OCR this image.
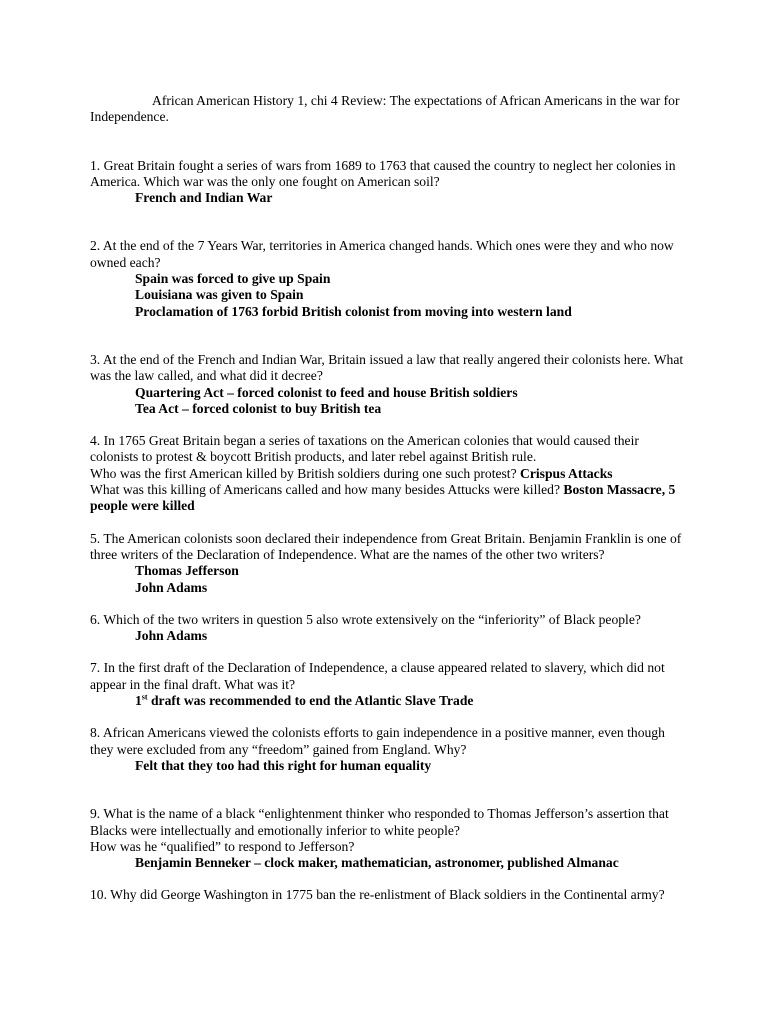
African American History 1, chi 4 Review: The expectations of African Americans in the war for Independence.

1. Great Britain fought a series of wars from 1689 to 1763 that caused the country to neglect her colonies in America. Which war was the only one fought on American soil?

French and Indian War

2. At the end of the 7 Years War, territories in America changed hands. Which ones were they and who now owned each?

Spain was forced to give up Spain

Louisiana was given to Spain

Proclamation of 1763 forbid British colonist from moving into western land

3. At the end of the French and Indian War, Britain issued a law that really angered their colonists here. What was the law called, and what did it decree?

Quartering Act – forced colonist to feed and house British soldiers

Tea Act – forced colonist to buy British tea

4. In 1765 Great Britain began a series of taxations on the American colonies that would caused their colonists to protest & boycott British products, and later rebel against British rule.

Who was the first American killed by British soldiers during one such protest? Crispus Attacks

What was this killing of Americans called and how many besides Attucks were killed? Boston Massacre, 5 people were killed

5. The American colonists soon declared their independence from Great Britain. Benjamin Franklin is one of three writers of the Declaration of Independence. What are the names of the other two writers?

Thomas Jefferson

John Adams

6. Which of the two writers in question 5 also wrote extensively on the “inferiority” of Black people?

John Adams

7. In the first draft of the Declaration of Independence, a clause appeared related to slavery, which did not appear in the final draft. What was it?

1st draft was recommended to end the Atlantic Slave Trade

8. African Americans viewed the colonists efforts to gain independence in a positive manner, even though they were excluded from any “freedom” gained from England. Why?

Felt that they too had this right for human equality

9. What is the name of a black “enlightenment thinker who responded to Thomas Jefferson’s assertion that Blacks were intellectually and emotionally inferior to white people?

How was he “qualified” to respond to Jefferson?

Benjamin Benneker – clock maker, mathematician, astronomer, published Almanac

10. Why did George Washington in 1775 ban the re-enlistment of Black soldiers in the Continental army?
